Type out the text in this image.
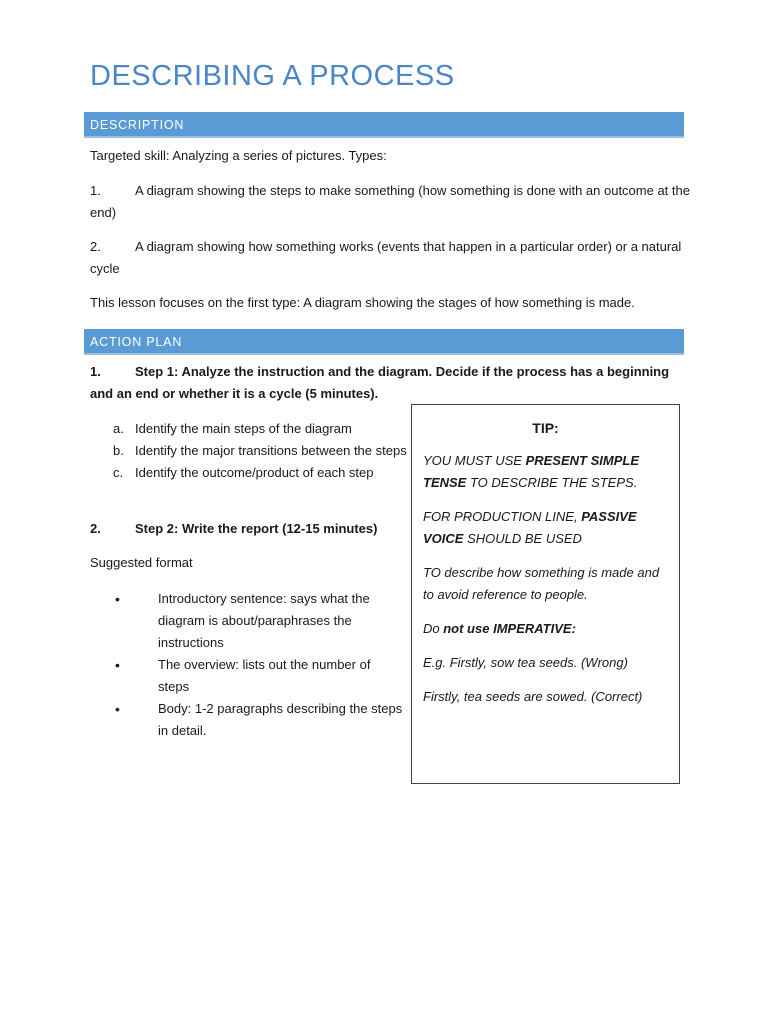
DESCRIBING A PROCESS
DESCRIPTION
Targeted skill: Analyzing a series of pictures. Types:
1.	A diagram showing the steps to make something (how something is done with an outcome at the end)
2.	A diagram showing how something works (events that happen in a particular order) or a natural cycle
This lesson focuses on the first type: A diagram showing the stages of how something is made.
ACTION PLAN
1.	Step 1: Analyze the instruction and the diagram. Decide if the process has a beginning and an end or whether it is a cycle (5 minutes).
a. Identify the main steps of the diagram
b. Identify the major transitions between the steps
c. Identify the outcome/product of each step
2.	Step 2: Write the report (12-15 minutes)
Suggested format
•	Introductory sentence: says what the diagram is about/paraphrases the instructions
•	The overview: lists out the number of steps
•	Body: 1-2 paragraphs describing the steps in detail.
TIP:

YOU MUST USE PRESENT SIMPLE TENSE TO DESCRIBE THE STEPS.

FOR PRODUCTION LINE, PASSIVE VOICE SHOULD BE USED

TO describe how something is made and to avoid reference to people.

Do not use IMPERATIVE:

E.g. Firstly, sow tea seeds. (Wrong)

Firstly, tea seeds are sowed. (Correct)
